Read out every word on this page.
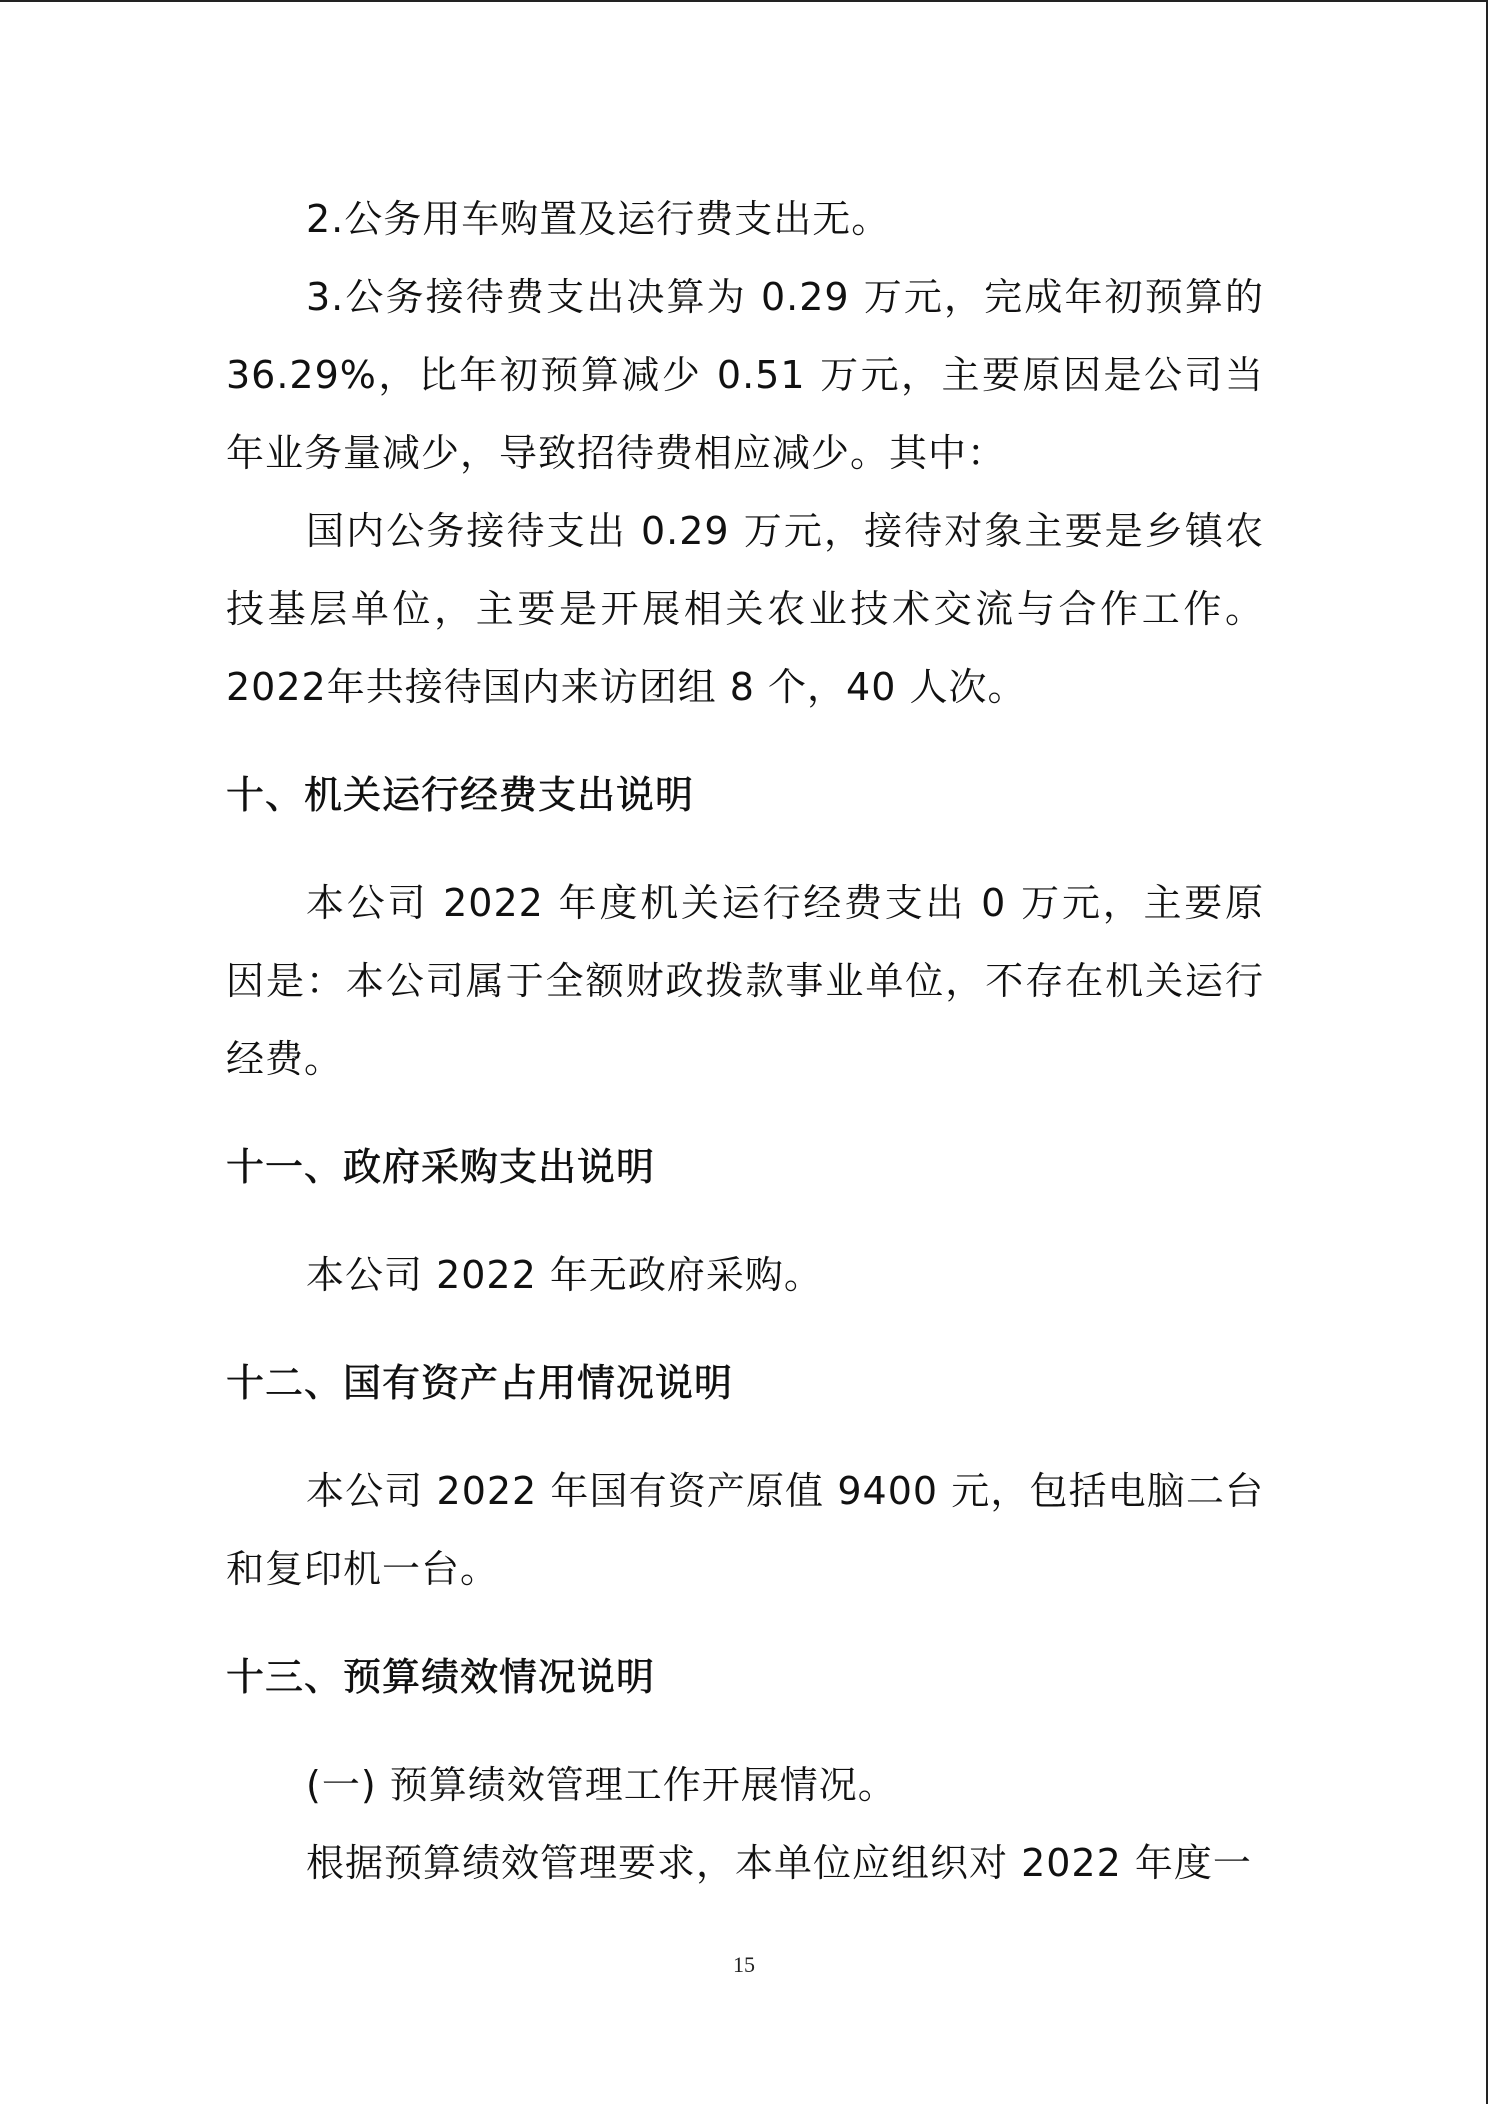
2.公务用车购置及运行费支出无。

3.公务接待费支出决算为 0.29 万元，完成年初预算的36.29%，比年初预算减少 0.51 万元，主要原因是公司当年业务量减少，导致招待费相应减少。其中：

国内公务接待支出 0.29 万元，接待对象主要是乡镇农技基层单位，主要是开展相关农业技术交流与合作工作。2022年共接待国内来访团组 8 个，40 人次。

十、机关运行经费支出说明

本公司 2022 年度机关运行经费支出 0 万元，主要原因是：本公司属于全额财政拨款事业单位，不存在机关运行经费。

十一、政府采购支出说明

本公司 2022 年无政府采购。

十二、国有资产占用情况说明

本公司 2022 年国有资产原值 9400 元，包括电脑二台和复印机一台。

十三、预算绩效情况说明

(一) 预算绩效管理工作开展情况。

根据预算绩效管理要求，本单位应组织对 2022 年度一

15
